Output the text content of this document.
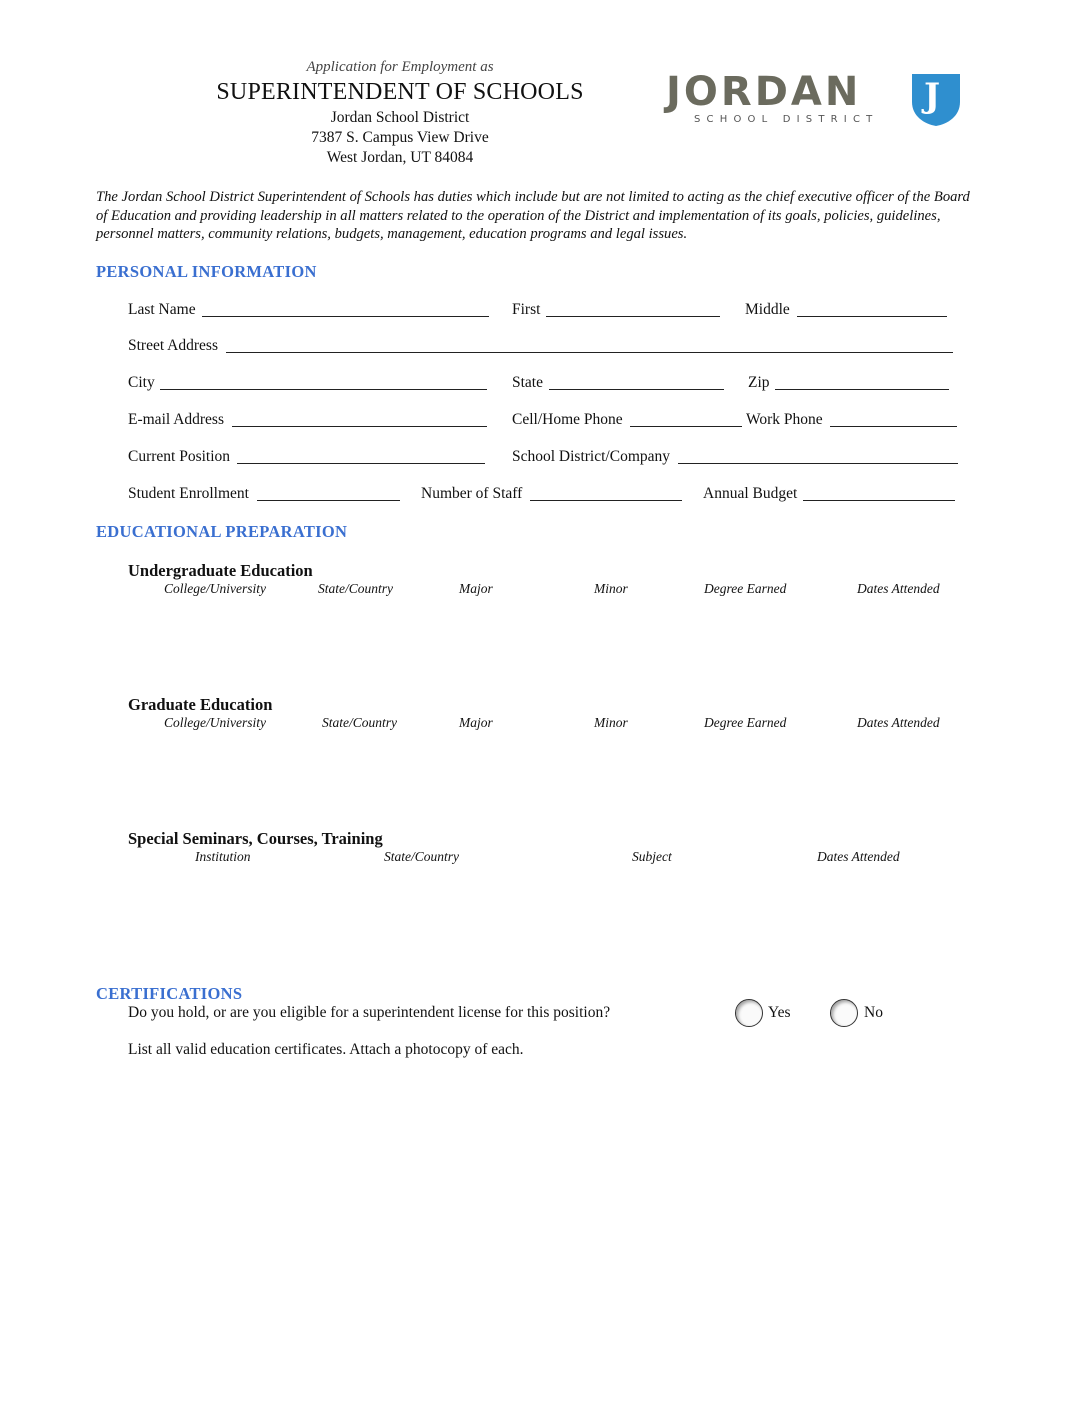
Application for Employment as
SUPERINTENDENT OF SCHOOLS
Jordan School District
7387 S. Campus View Drive
West Jordan, UT 84084
JORDAN
SCHOOL DISTRICT
J
The Jordan School District Superintendent of Schools has duties which include but are not limited to acting as the chief executive officer of the Board of Education and providing leadership in all matters related to the operation of the District and implementation of its goals, policies, guidelines, personnel matters, community relations, budgets, management, education programs and legal issues.
PERSONAL INFORMATION
Last Name	First	Middle
Street Address
City	State	Zip
E-mail Address	Cell/Home Phone	Work Phone
Current Position	School District/Company
Student Enrollment	Number of Staff	Annual Budget
EDUCATIONAL PREPARATION
Undergraduate Education
College/University	State/Country	Major	Minor	Degree Earned	Dates Attended
Graduate Education
College/University	State/Country	Major	Minor	Degree Earned	Dates Attended
Special Seminars, Courses, Training
Institution	State/Country	Subject	Dates Attended
CERTIFICATIONS
Do you hold, or are you eligible for a superintendent license for this position?	Yes	No
List all valid education certificates. Attach a photocopy of each.
